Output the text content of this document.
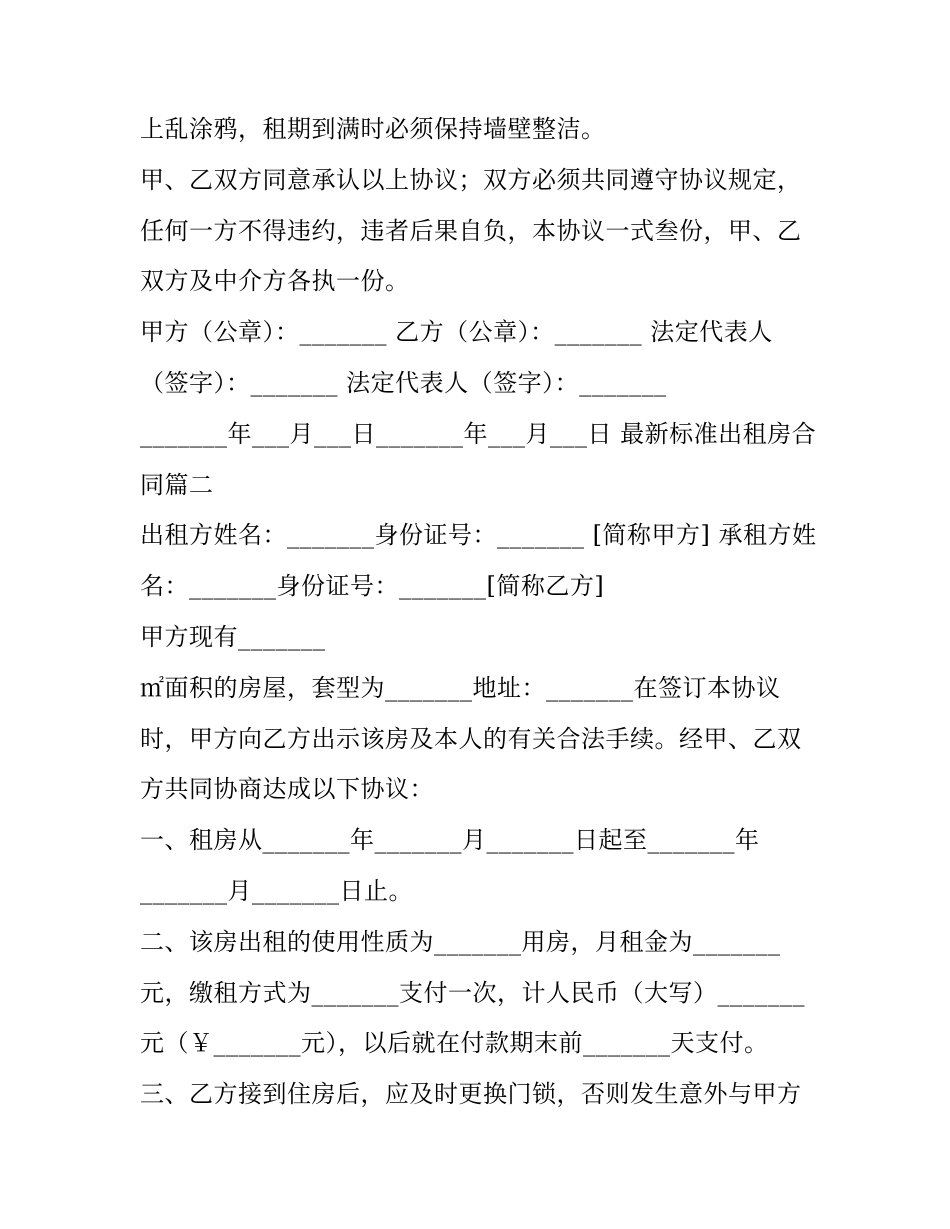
上乱涂鸦，租期到满时必须保持墙壁整洁。
甲、乙双方同意承认以上协议；双方必须共同遵守协议规定，
任何一方不得违约，违者后果自负，本协议一式叁份，甲、乙
双方及中介方各执一份。
甲方（公章）：_______ 乙方（公章）：_______ 法定代表人
（签字）：_______ 法定代表人（签字）：_______
_______年___月___日_______年___月___日 最新标准出租房合
同篇二
出租方姓名：_______身份证号：_______ [简称甲方] 承租方姓
名：_______身份证号：_______[简称乙方]
甲方现有_______
㎡面积的房屋，套型为_______地址：_______在签订本协议
时，甲方向乙方出示该房及本人的有关合法手续。经甲、乙双
方共同协商达成以下协议：
一、租房从_______年_______月_______日起至_______年
_______月_______日止。
二、该房出租的使用性质为_______用房，月租金为_______
元，缴租方式为_______支付一次，计人民币（大写）_______
元（￥_______元），以后就在付款期末前_______天支付。
三、乙方接到住房后，应及时更换门锁，否则发生意外与甲方
